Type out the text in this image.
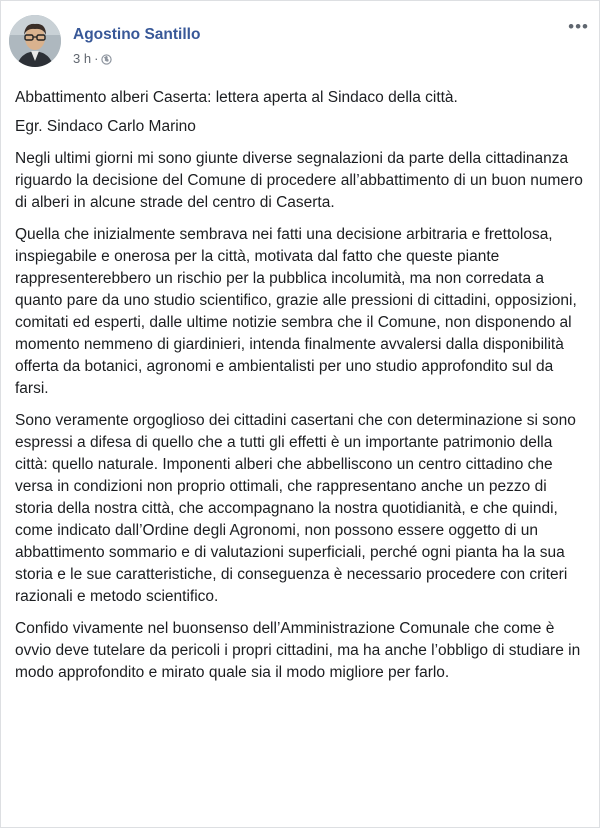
Agostino Santillo
3 h ·
•••

Abbattimento alberi Caserta: lettera aperta al Sindaco della città.

Egr. Sindaco Carlo Marino

Negli ultimi giorni mi sono giunte diverse segnalazioni da parte della cittadinanza riguardo la decisione del Comune di procedere all’abbattimento di un buon numero di alberi in alcune strade del centro di Caserta.

Quella che inizialmente sembrava nei fatti una decisione arbitraria e frettolosa, inspiegabile e onerosa per la città, motivata dal fatto che queste piante rappresenterebbero un rischio per la pubblica incolumità, ma non corredata a quanto pare da uno studio scientifico, grazie alle pressioni di cittadini, opposizioni, comitati ed esperti, dalle ultime notizie sembra che il Comune, non disponendo al momento nemmeno di giardinieri, intenda finalmente avvalersi dalla disponibilità offerta da botanici, agronomi e ambientalisti per uno studio approfondito sul da farsi.

Sono veramente orgoglioso dei cittadini casertani che con determinazione si sono espressi a difesa di quello che a tutti gli effetti è un importante patrimonio della città: quello naturale. Imponenti alberi che abbelliscono un centro cittadino che versa in condizioni non proprio ottimali, che rappresentano anche un pezzo di storia della nostra città, che accompagnano la nostra quotidianità, e che quindi, come indicato dall’Ordine degli Agronomi, non possono essere oggetto di un abbattimento sommario e di valutazioni superficiali, perché ogni pianta ha la sua storia e le sue caratteristiche, di conseguenza è necessario procedere con criteri razionali e metodo scientifico.

Confido vivamente nel buonsenso dell’Amministrazione Comunale che come è ovvio deve tutelare da pericoli i propri cittadini, ma ha anche l’obbligo di studiare in modo approfondito e mirato quale sia il modo migliore per farlo.
